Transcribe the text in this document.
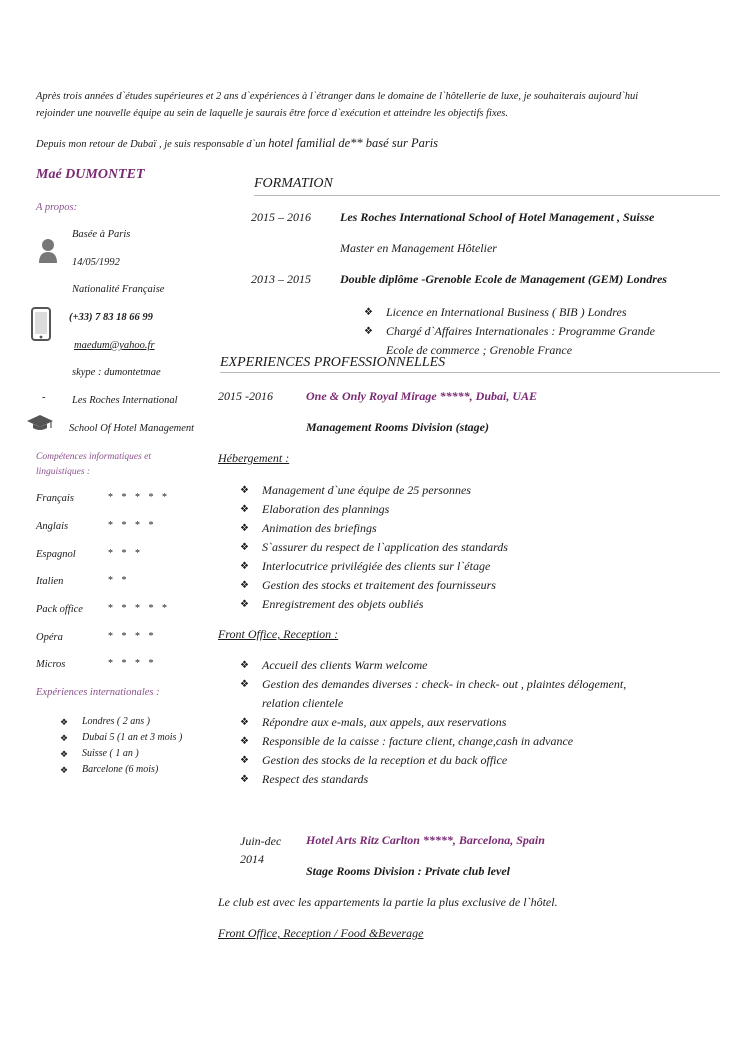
Après trois années d`études supérieures et 2 ans d`expériences à l`étranger dans le domaine de l`hôtellerie de luxe, je souhaiterais aujourd`hui
rejoinder une nouvelle équipe au sein de laquelle je saurais être force d`exécution et atteindre les objectifs fixes.
Depuis mon retour de Dubaï , je suis responsable d`un hotel familial de** basé sur Paris
Maé DUMONTET
A propos:
Basée à Paris
14/05/1992
Nationalité Française
(+33) 7 83 18 66 99
maedum@yahoo.fr
skype : dumontetmae
-	Les Roches International
School Of Hotel Management
Compétences informatiques et
linguistiques :
Français	* * * * *
Anglais	* * * *
Espagnol	* * *
Italien	* *
Pack office	* * * * *
Opéra	* * * *
Micros	* * * *
Expériences internationales :
❖ Londres ( 2 ans )
❖ Dubai 5 (1 an et 3 mois )
❖ Suisse ( 1 an )
❖ Barcelone (6 mois)
FORMATION
2015 – 2016 Les Roches International School of Hotel Management , Suisse
Master en Management Hôtelier
2013 – 2015 Double diplôme -Grenoble Ecole de Management (GEM) Londres
❖ Licence en International Business ( BIB ) Londres
❖ Chargé d`Affaires Internationales : Programme Grande
Ecole de commerce ; Grenoble France
EXPERIENCES PROFESSIONNELLES
2015 -2016	One & Only Royal Mirage *****, Dubai, UAE
Management Rooms Division (stage)
Hébergement :
❖ Management d`une équipe de 25 personnes
❖ Elaboration des plannings
❖ Animation des briefings
❖ S`assurer du respect de l`application des standards
❖ Interlocutrice privilégiée des clients sur l`étage
❖ Gestion des stocks et traitement des fournisseurs
❖ Enregistrement des objets oubliés
Front Office, Reception :
❖ Accueil des clients Warm welcome
❖ Gestion des demandes diverses : check- in check- out , plaintes délogement,
relation clientele
❖ Répondre aux e-mals, aux appels, aux reservations
❖ Responsible de la caisse : facture client, change,cash in advance
❖ Gestion des stocks de la reception et du back office
❖ Respect des standards
Juin-dec
2014
Hotel Arts Ritz Carlton *****, Barcelona, Spain
Stage Rooms Division : Private club level
Le club est avec les appartements la partie la plus exclusive de l`hôtel.
Front Office, Reception / Food &Beverage
